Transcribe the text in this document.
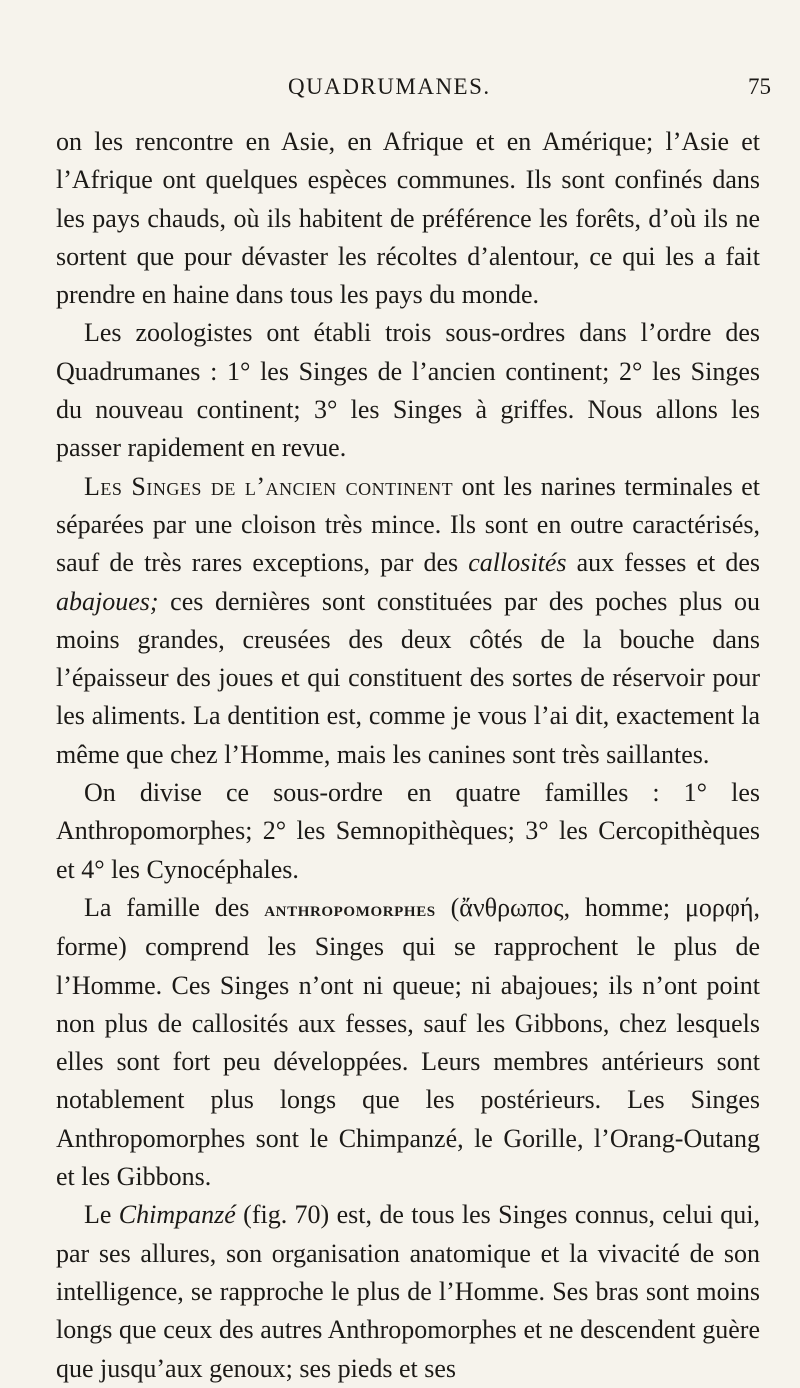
QUADRUMANES.	75

on les rencontre en Asie, en Afrique et en Amérique; l’Asie et l’Afrique ont quelques espèces communes. Ils sont confinés dans les pays chauds, où ils habitent de préférence les forêts, d’où ils ne sortent que pour dévaster les récoltes d’alentour, ce qui les a fait prendre en haine dans tous les pays du monde.

Les zoologistes ont établi trois sous-ordres dans l’ordre des Quadrumanes : 1° les Singes de l’ancien continent; 2° les Singes du nouveau continent; 3° les Singes à griffes. Nous allons les passer rapidement en revue.

Les Singes de l’ancien continent ont les narines terminales et séparées par une cloison très mince. Ils sont en outre caractérisés, sauf de très rares exceptions, par des callosités aux fesses et des abajoues; ces dernières sont constituées par des poches plus ou moins grandes, creusées des deux côtés de la bouche dans l’épaisseur des joues et qui constituent des sortes de réservoir pour les aliments. La dentition est, comme je vous l’ai dit, exactement la même que chez l’Homme, mais les canines sont très saillantes.

On divise ce sous-ordre en quatre familles : 1° les Anthropomorphes; 2° les Semnopithèques; 3° les Cercopithèques et 4° les Cynocéphales.

La famille des anthropomorphes (ἄνθρωπος, homme; μορφή, forme) comprend les Singes qui se rapprochent le plus de l’Homme. Ces Singes n’ont ni queue; ni abajoues; ils n’ont point non plus de callosités aux fesses, sauf les Gibbons, chez lesquels elles sont fort peu développées. Leurs membres antérieurs sont notablement plus longs que les postérieurs. Les Singes Anthropomorphes sont le Chimpanzé, le Gorille, l’Orang-Outang et les Gibbons.

Le Chimpanzé (fig. 70) est, de tous les Singes connus, celui qui, par ses allures, son organisation anatomique et la vivacité de son intelligence, se rapproche le plus de l’Homme. Ses bras sont moins longs que ceux des autres Anthropomorphes et ne descendent guère que jusqu’aux genoux; ses pieds et ses
